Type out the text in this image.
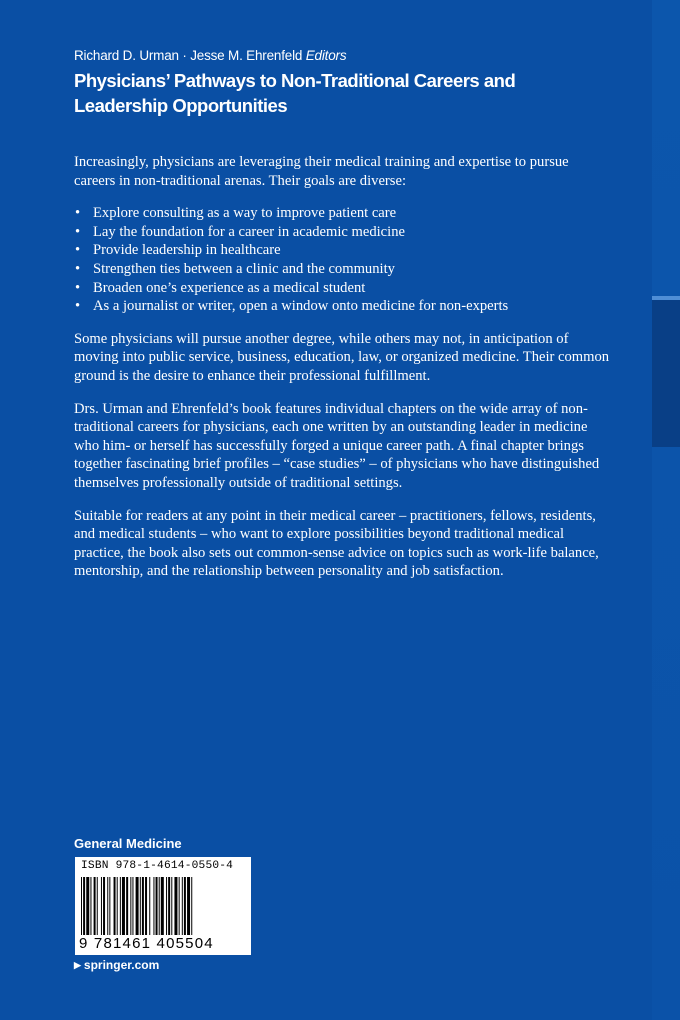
Richard D. Urman · Jesse M. Ehrenfeld Editors
Physicians’ Pathways to Non-Traditional Careers and
Leadership Opportunities

Increasingly, physicians are leveraging their medical training and expertise to pursue careers in non-traditional arenas. Their goals are diverse:

• Explore consulting as a way to improve patient care
• Lay the foundation for a career in academic medicine
• Provide leadership in healthcare
• Strengthen ties between a clinic and the community
• Broaden one’s experience as a medical student
• As a journalist or writer, open a window onto medicine for non-experts

Some physicians will pursue another degree, while others may not, in anticipation of moving into public service, business, education, law, or organized medicine. Their common ground is the desire to enhance their professional fulfillment.

Drs. Urman and Ehrenfeld’s book features individual chapters on the wide array of non-traditional careers for physicians, each one written by an outstanding leader in medicine who him- or herself has successfully forged a unique career path. A final chapter brings together fascinating brief profiles – “case studies” – of physicians who have distinguished themselves professionally outside of traditional settings.

Suitable for readers at any point in their medical career – practitioners, fellows, residents, and medical students – who want to explore possibilities beyond traditional medical practice, the book also sets out common-sense advice on topics such as work-life balance, mentorship, and the relationship between personality and job satisfaction.

General Medicine
ISBN 978-1-4614-0550-4
9 781461 405504
▶ springer.com
